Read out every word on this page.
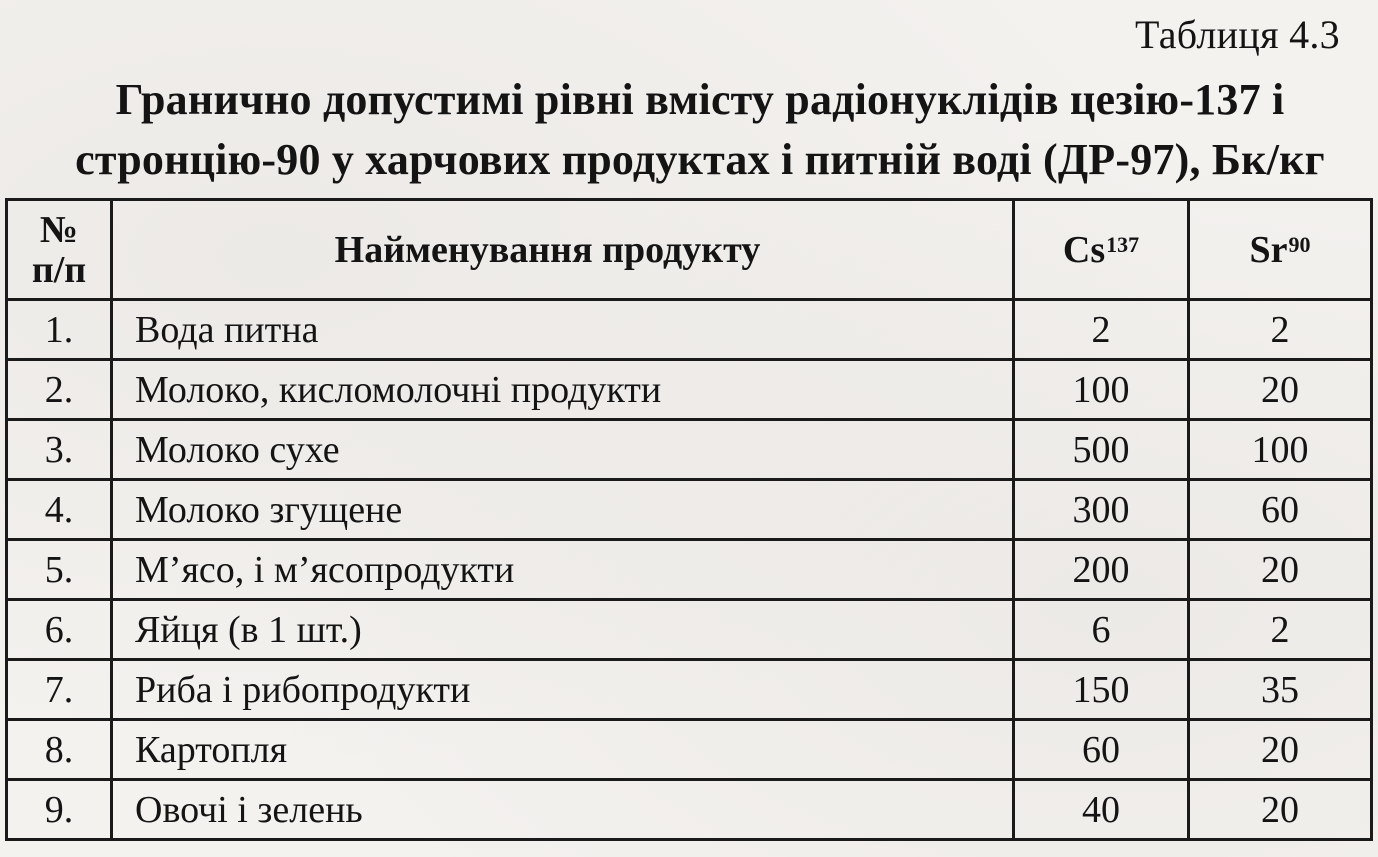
Таблиця 4.3
Гранично допустимі рівні вмісту радіонуклідів цезію-137 і
стронцію-90 у харчових продуктах і питній воді (ДР-97), Бк/кг
№
п/п	Найменування продукту	Cs$^{137}$	Sr$^{90}$
1.	Вода питна	2	2
2.	Молоко, кисломолочні продукти	100	20
3.	Молоко сухе	500	100
4.	Молоко згущене	300	60
5.	М’ясо, і м’ясопродукти	200	20
6.	Яйця (в 1 шт.)	6	2
7.	Риба і рибопродукти	150	35
8.	Картопля	60	20
9.	Овочі і зелень	40	20
